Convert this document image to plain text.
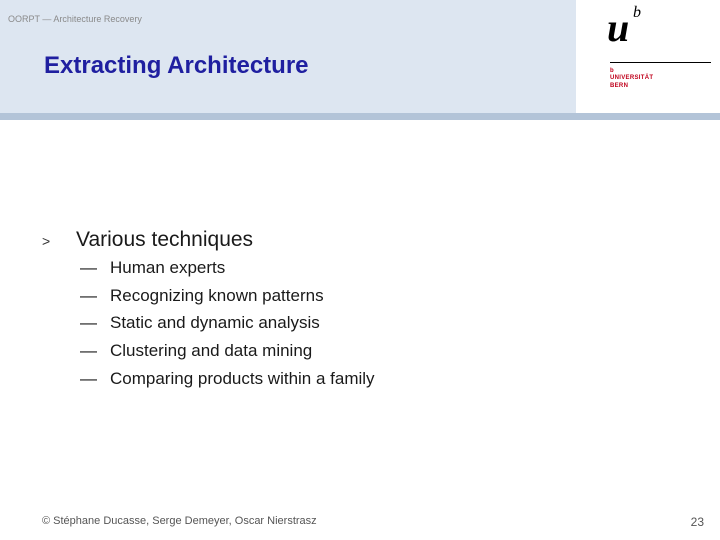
OORPT — Architecture Recovery
Extracting Architecture
u b
b
UNIVERSITÄT
BERN
>	Various techniques
— Human experts
— Recognizing known patterns
— Static and dynamic analysis
— Clustering and data mining
— Comparing products within a family
© Stéphane Ducasse, Serge Demeyer, Oscar Nierstrasz	23
